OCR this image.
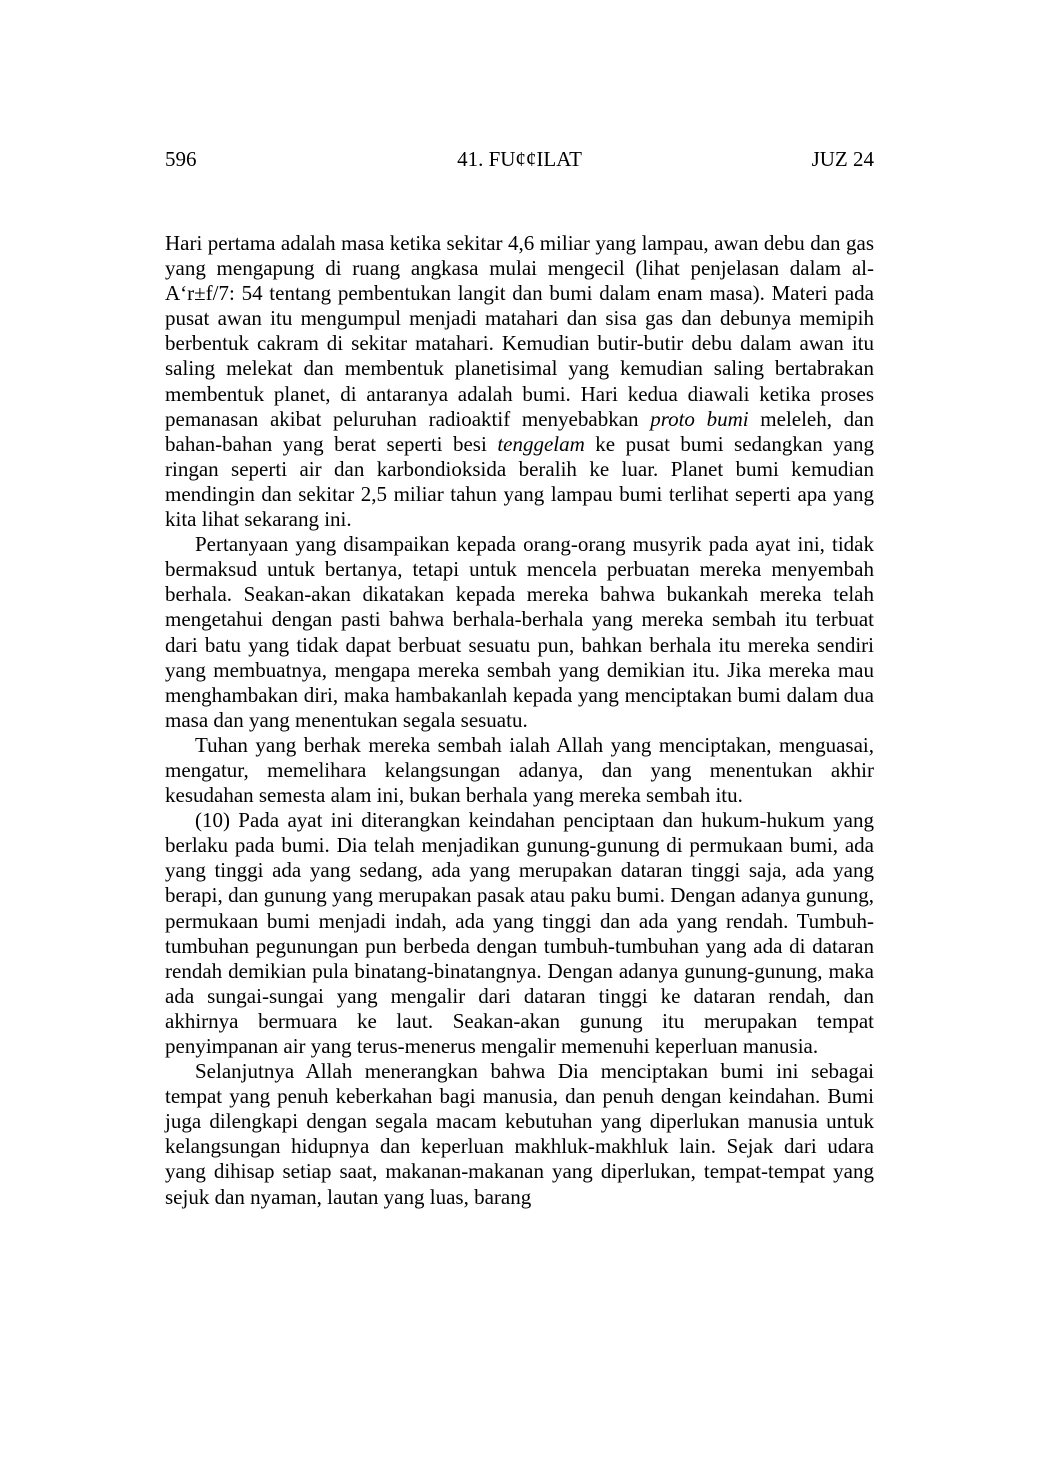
596	41. FU¢¢ILAT	JUZ 24

Hari pertama adalah masa ketika sekitar 4,6 miliar yang lampau, awan debu dan gas yang mengapung di ruang angkasa mulai mengecil (lihat penjelasan dalam al-A‘r±f/7: 54 tentang pembentukan langit dan bumi dalam enam masa). Materi pada pusat awan itu mengumpul menjadi matahari dan sisa gas dan debunya memipih berbentuk cakram di sekitar matahari. Kemudian butir-butir debu dalam awan itu saling melekat dan membentuk planetisimal yang kemudian saling bertabrakan membentuk planet, di antaranya adalah bumi. Hari kedua diawali ketika proses pemanasan akibat peluruhan radioaktif menyebabkan proto bumi meleleh, dan bahan-bahan yang berat seperti besi tenggelam ke pusat bumi sedangkan yang ringan seperti air dan karbondioksida beralih ke luar. Planet bumi kemudian mendingin dan sekitar 2,5 miliar tahun yang lampau bumi terlihat seperti apa yang kita lihat sekarang ini.

Pertanyaan yang disampaikan kepada orang-orang musyrik pada ayat ini, tidak bermaksud untuk bertanya, tetapi untuk mencela perbuatan mereka menyembah berhala. Seakan-akan dikatakan kepada mereka bahwa bukankah mereka telah mengetahui dengan pasti bahwa berhala-berhala yang mereka sembah itu terbuat dari batu yang tidak dapat berbuat sesuatu pun, bahkan berhala itu mereka sendiri yang membuatnya, mengapa mereka sembah yang demikian itu. Jika mereka mau menghambakan diri, maka hambakanlah kepada yang menciptakan bumi dalam dua masa dan yang menentukan segala sesuatu.

Tuhan yang berhak mereka sembah ialah Allah yang menciptakan, menguasai, mengatur, memelihara kelangsungan adanya, dan yang menentukan akhir kesudahan semesta alam ini, bukan berhala yang mereka sembah itu.

(10) Pada ayat ini diterangkan keindahan penciptaan dan hukum-hukum yang berlaku pada bumi. Dia telah menjadikan gunung-gunung di permukaan bumi, ada yang tinggi ada yang sedang, ada yang merupakan dataran tinggi saja, ada yang berapi, dan gunung yang merupakan pasak atau paku bumi. Dengan adanya gunung, permukaan bumi menjadi indah, ada yang tinggi dan ada yang rendah. Tumbuh-tumbuhan pegunungan pun berbeda dengan tumbuh-tumbuhan yang ada di dataran rendah demikian pula binatang-binatangnya. Dengan adanya gunung-gunung, maka ada sungai-sungai yang mengalir dari dataran tinggi ke dataran rendah, dan akhirnya bermuara ke laut. Seakan-akan gunung itu merupakan tempat penyimpanan air yang terus-menerus mengalir memenuhi keperluan manusia.

Selanjutnya Allah menerangkan bahwa Dia menciptakan bumi ini sebagai tempat yang penuh keberkahan bagi manusia, dan penuh dengan keindahan. Bumi juga dilengkapi dengan segala macam kebutuhan yang diperlukan manusia untuk kelangsungan hidupnya dan keperluan makhluk-makhluk lain. Sejak dari udara yang dihisap setiap saat, makanan-makanan yang diperlukan, tempat-tempat yang sejuk dan nyaman, lautan yang luas, barang
